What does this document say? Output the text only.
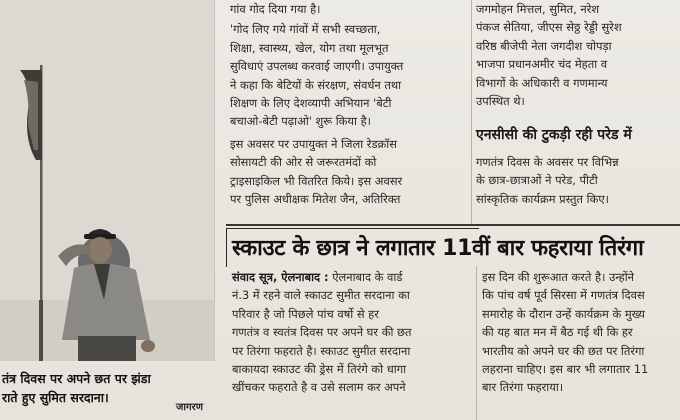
तंत्र दिवस पर अपने छत पर झंडा
राते हुए सुमित सरदाना।
जागरण

गांव गोद दिया गया है।

'गोद लिए गये गांवों में सभी स्वच्छता,

शिक्षा, स्वास्थ्य, खेल, योग तथा मूलभूत

सुविधाएं उपलब्ध करवाई जाएगी। उपायुक्त

ने कहा कि बेटियों के संरक्षण, संवर्धन तथा

शिक्षण के लिए देशव्यापी अभियान 'बेटी

बचाओ-बेटी पढ़ाओ' शुरू किया है।

इस अवसर पर उपायुक्त ने जिला रेडक्रॉस

सोसायटी की ओर से जरूरतमंदों को

ट्राइसाइकिल भी वितरित किये। इस अवसर

पर पुलिस अधीक्षक मितेश जैन, अतिरिक्त

जगमोहन मित्तल, सुमित, नरेश

पंकज सेतिया, जीएस सेठ्ठ रेड्डी सुरेश

वरिष्ठ बीजेपी नेता जगदीश चोपड़ा

भाजपा प्रधानअमीर चंद मेहता व

विभागों के अधिकारी व गणमान्य

उपस्थित थे।

एनसीसी की टुकड़ी रही परेड में

गणतंत्र दिवस के अवसर पर विभिन्न

के छात्र-छात्राओं ने परेड, पीटी

सांस्कृतिक कार्यक्रम प्रस्तुत किए।

स्काउट के छात्र ने लगातार 11वीं बार फहराया तिरंगा

संवाद सूत्र, ऐलनाबाद : ऐलनाबाद के वार्ड

नं.3 में रहने वाले स्काउट सुमीत सरदाना का

परिवार है जो पिछले पांच वर्षो से हर

गणतंत्र व स्वतंत्र दिवस पर अपने घर की छत

पर तिरंगा फहराते है। स्काउट सुमीत सरदाना

बाकायदा स्काउट की ड्रेस में तिरंगे को धागा

खींचकर फहराते है व उसे सलाम कर अपने

इस दिन की शुरूआत करते है। उन्होंने

कि पांच वर्ष पूर्व सिरसा में गणतंत्र दिवस

समारोह के दौरान उन्हें कार्यक्रम के मुख्य

की यह बात मन में बैठ गई थी कि हर

भारतीय को अपने घर की छत पर तिरंगा

लहराना चाहिए। इस बार भी लगातार 11

बार तिरंगा फहराया।
